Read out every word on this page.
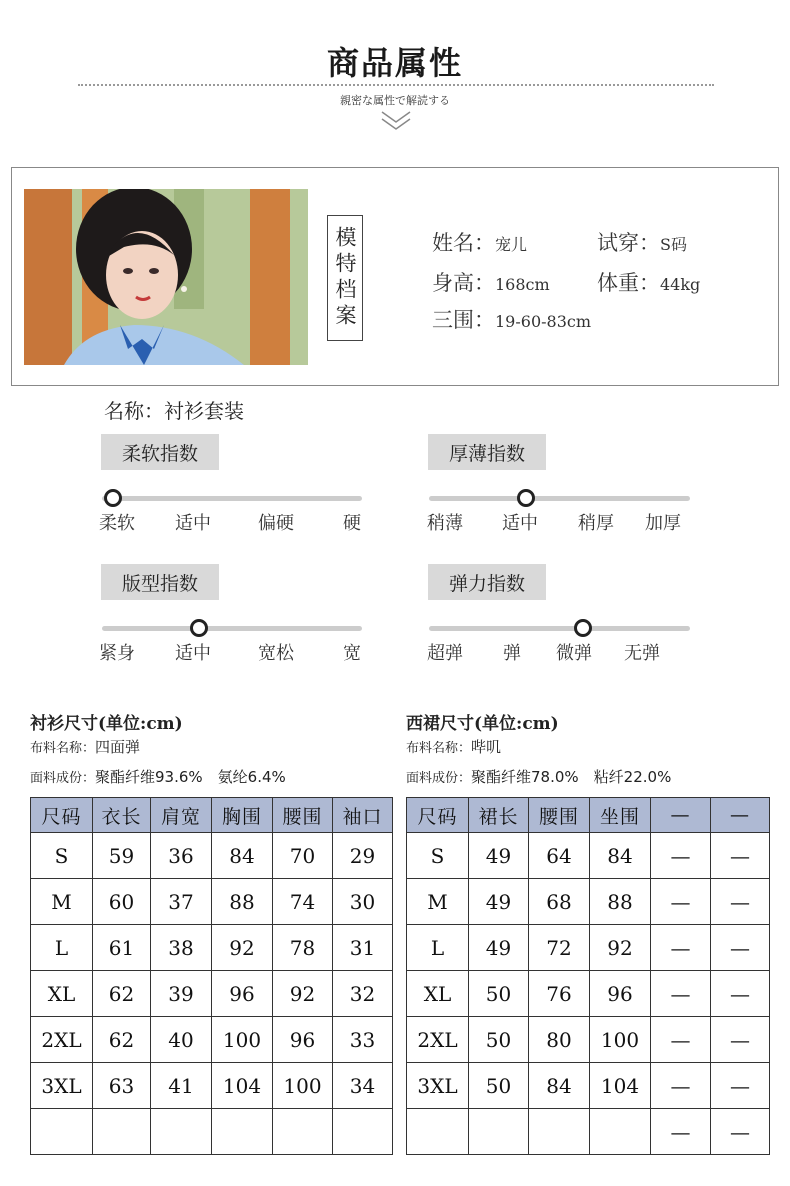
商品属性
親密な属性で解読する
模特档案	姓名：宠儿	试穿：S码
身高：168cm 体重：44kg
三围：19-60-83cm
名称：衬衫套装
柔软指数
柔软 适中	偏硬	硬
厚薄指数
稍薄 适中 稍厚 加厚
版型指数
紧身 适中	宽松	宽
弹力指数
超弹 弹 微弹 无弹
衬衫尺寸(单位:cm)
布料名称：四面弹
面料成份：聚酯纤维93.6%　氨纶6.4%
尺码	衣长	肩宽	胸围	腰围	袖口
S	59	36	84	70	29
M	60	37	88	74	30
L	61	38	92	78	31
XL	62	39	96	92	32
2XL	62	40	100	96	33
3XL	63	41	104	100	34

西裙尺寸(单位:cm)
布料名称：哔叽
面料成份：聚酯纤维78.0%　粘纤22.0%
尺码	裙长	腰围	坐围	—	—
S	49	64	84	—	—
M	49	68	88	—	—
L	49	72	92	—	—
XL	50	76	96	—	—
2XL	50	80	100	—	—
3XL	50	84	104	—	—
				—	—
